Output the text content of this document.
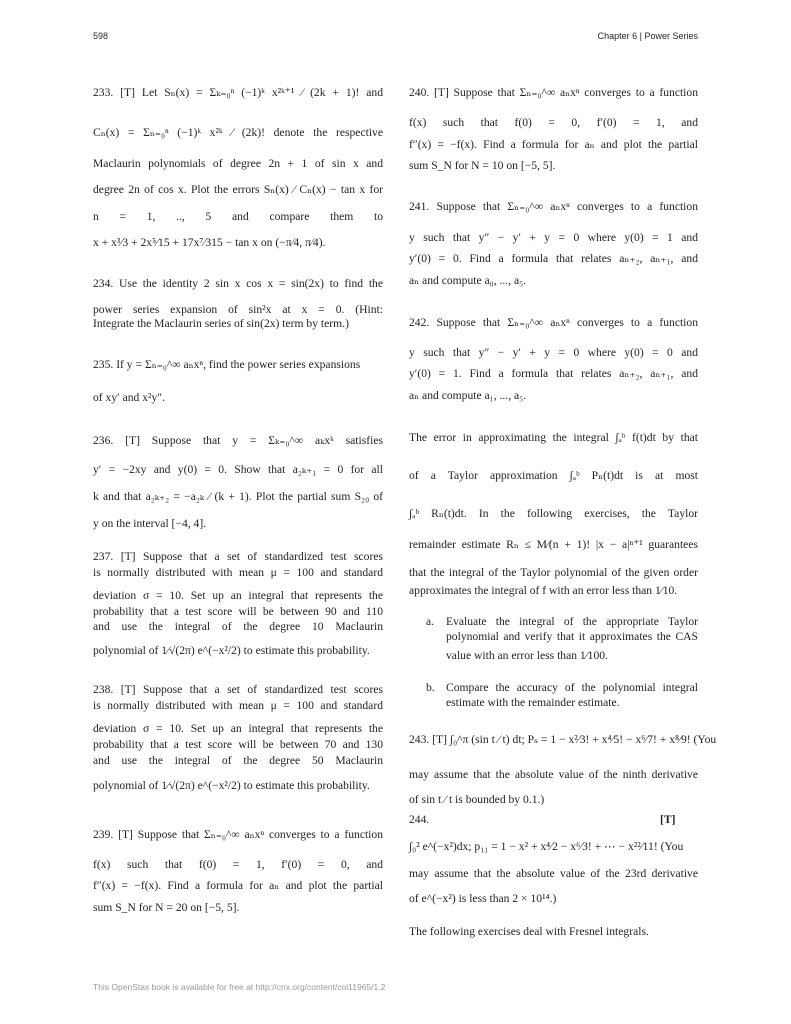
598	Chapter 6 | Power Series
233. [T] Let Sₙ(x) = Σₖ₌₀ⁿ (−1)ᵏ x²ᵏ⁺¹ ⁄ (2k + 1)! and
Cₙ(x) = Σₙ₌₀ⁿ (−1)ᵏ x²ᵏ ⁄ (2k)! denote the respective
Maclaurin polynomials of degree 2n + 1 of sin x and
degree 2n of cos x. Plot the errors Sₙ(x) ⁄ Cₙ(x) − tan x for
n = 1, .., 5 and compare them to
x + x³⁄3 + 2x⁵⁄15 + 17x⁷⁄315 − tan x on (−π⁄4, π⁄4).
234. Use the identity 2 sin x cos x = sin(2x) to find the
power series expansion of sin²x at x = 0. (Hint:
Integrate the Maclaurin series of sin(2x) term by term.)
235. If y = Σₙ₌₀^∞ aₙxⁿ, find the power series expansions
of xy′ and x²y″.
236. [T] Suppose that y = Σₖ₌₀^∞ aₖxᵏ satisfies
y′ = −2xy and y(0) = 0. Show that a₂ₖ₊₁ = 0 for all
k and that a₂ₖ₊₂ = −a₂ₖ ⁄ (k + 1). Plot the partial sum S₂₀ of
y on the interval [−4, 4].
237. [T] Suppose that a set of standardized test scores
is normally distributed with mean μ = 100 and standard
deviation σ = 10. Set up an integral that represents the
probability that a test score will be between 90 and 110
and use the integral of the degree 10 Maclaurin
polynomial of 1⁄√(2π) e^(−x²/2) to estimate this probability.
238. [T] Suppose that a set of standardized test scores
is normally distributed with mean μ = 100 and standard
deviation σ = 10. Set up an integral that represents the
probability that a test score will be between 70 and 130
and use the integral of the degree 50 Maclaurin
polynomial of 1⁄√(2π) e^(−x²/2) to estimate this probability.
239. [T] Suppose that Σₙ₌₀^∞ aₙxⁿ converges to a function
f(x) such that f(0) = 1, f′(0) = 0, and
f″(x) = −f(x). Find a formula for aₙ and plot the partial
sum S_N for N = 20 on [−5, 5].
240. [T] Suppose that Σₙ₌₀^∞ aₙxⁿ converges to a function
f(x) such that f(0) = 0, f′(0) = 1, and
f″(x) = −f(x). Find a formula for aₙ and plot the partial
sum S_N for N = 10 on [−5, 5].
241. Suppose that Σₙ₌₀^∞ aₙxⁿ converges to a function
y such that y″ − y′ + y = 0 where y(0) = 1 and
y′(0) = 0. Find a formula that relates aₙ₊₂, aₙ₊₁, and
aₙ and compute a₀, ..., a₅.
242. Suppose that Σₙ₌₀^∞ aₙxⁿ converges to a function
y such that y″ − y′ + y = 0 where y(0) = 0 and
y′(0) = 1. Find a formula that relates aₙ₊₂, aₙ₊₁, and
aₙ and compute a₁, ..., a₅.
The error in approximating the integral ∫ₐᵇ f(t)dt by that
of a Taylor approximation ∫ₐᵇ Pₙ(t)dt is at most
∫ₐᵇ Rₙ(t)dt. In the following exercises, the Taylor
remainder estimate Rₙ ≤ M⁄(n + 1)! |x − a|ⁿ⁺¹ guarantees
that the integral of the Taylor polynomial of the given order
approximates the integral of f with an error less than 1⁄10.
a.	Evaluate the integral of the appropriate Taylor
polynomial and verify that it approximates the CAS
value with an error less than 1⁄100.
b. Compare the accuracy of the polynomial integral
estimate with the remainder estimate.
243. [T] ∫₀^π (sin t ⁄ t) dt; Pₛ = 1 − x²⁄3! + x⁴⁄5! − x⁶⁄7! + x⁸⁄9! (You
may assume that the absolute value of the ninth derivative
of sin t ⁄ t is bounded by 0.1.)
244.	[T]
∫₀² e^(−x²)dx; p₁₁ = 1 − x² + x⁴⁄2 − x⁶⁄3! + ⋯ − x²²⁄11! (You
may assume that the absolute value of the 23rd derivative
of e^(−x²) is less than 2 × 10¹⁴.)
The following exercises deal with Fresnel integrals.
This OpenStax book is available for free at http://cnx.org/content/col11965/1.2
